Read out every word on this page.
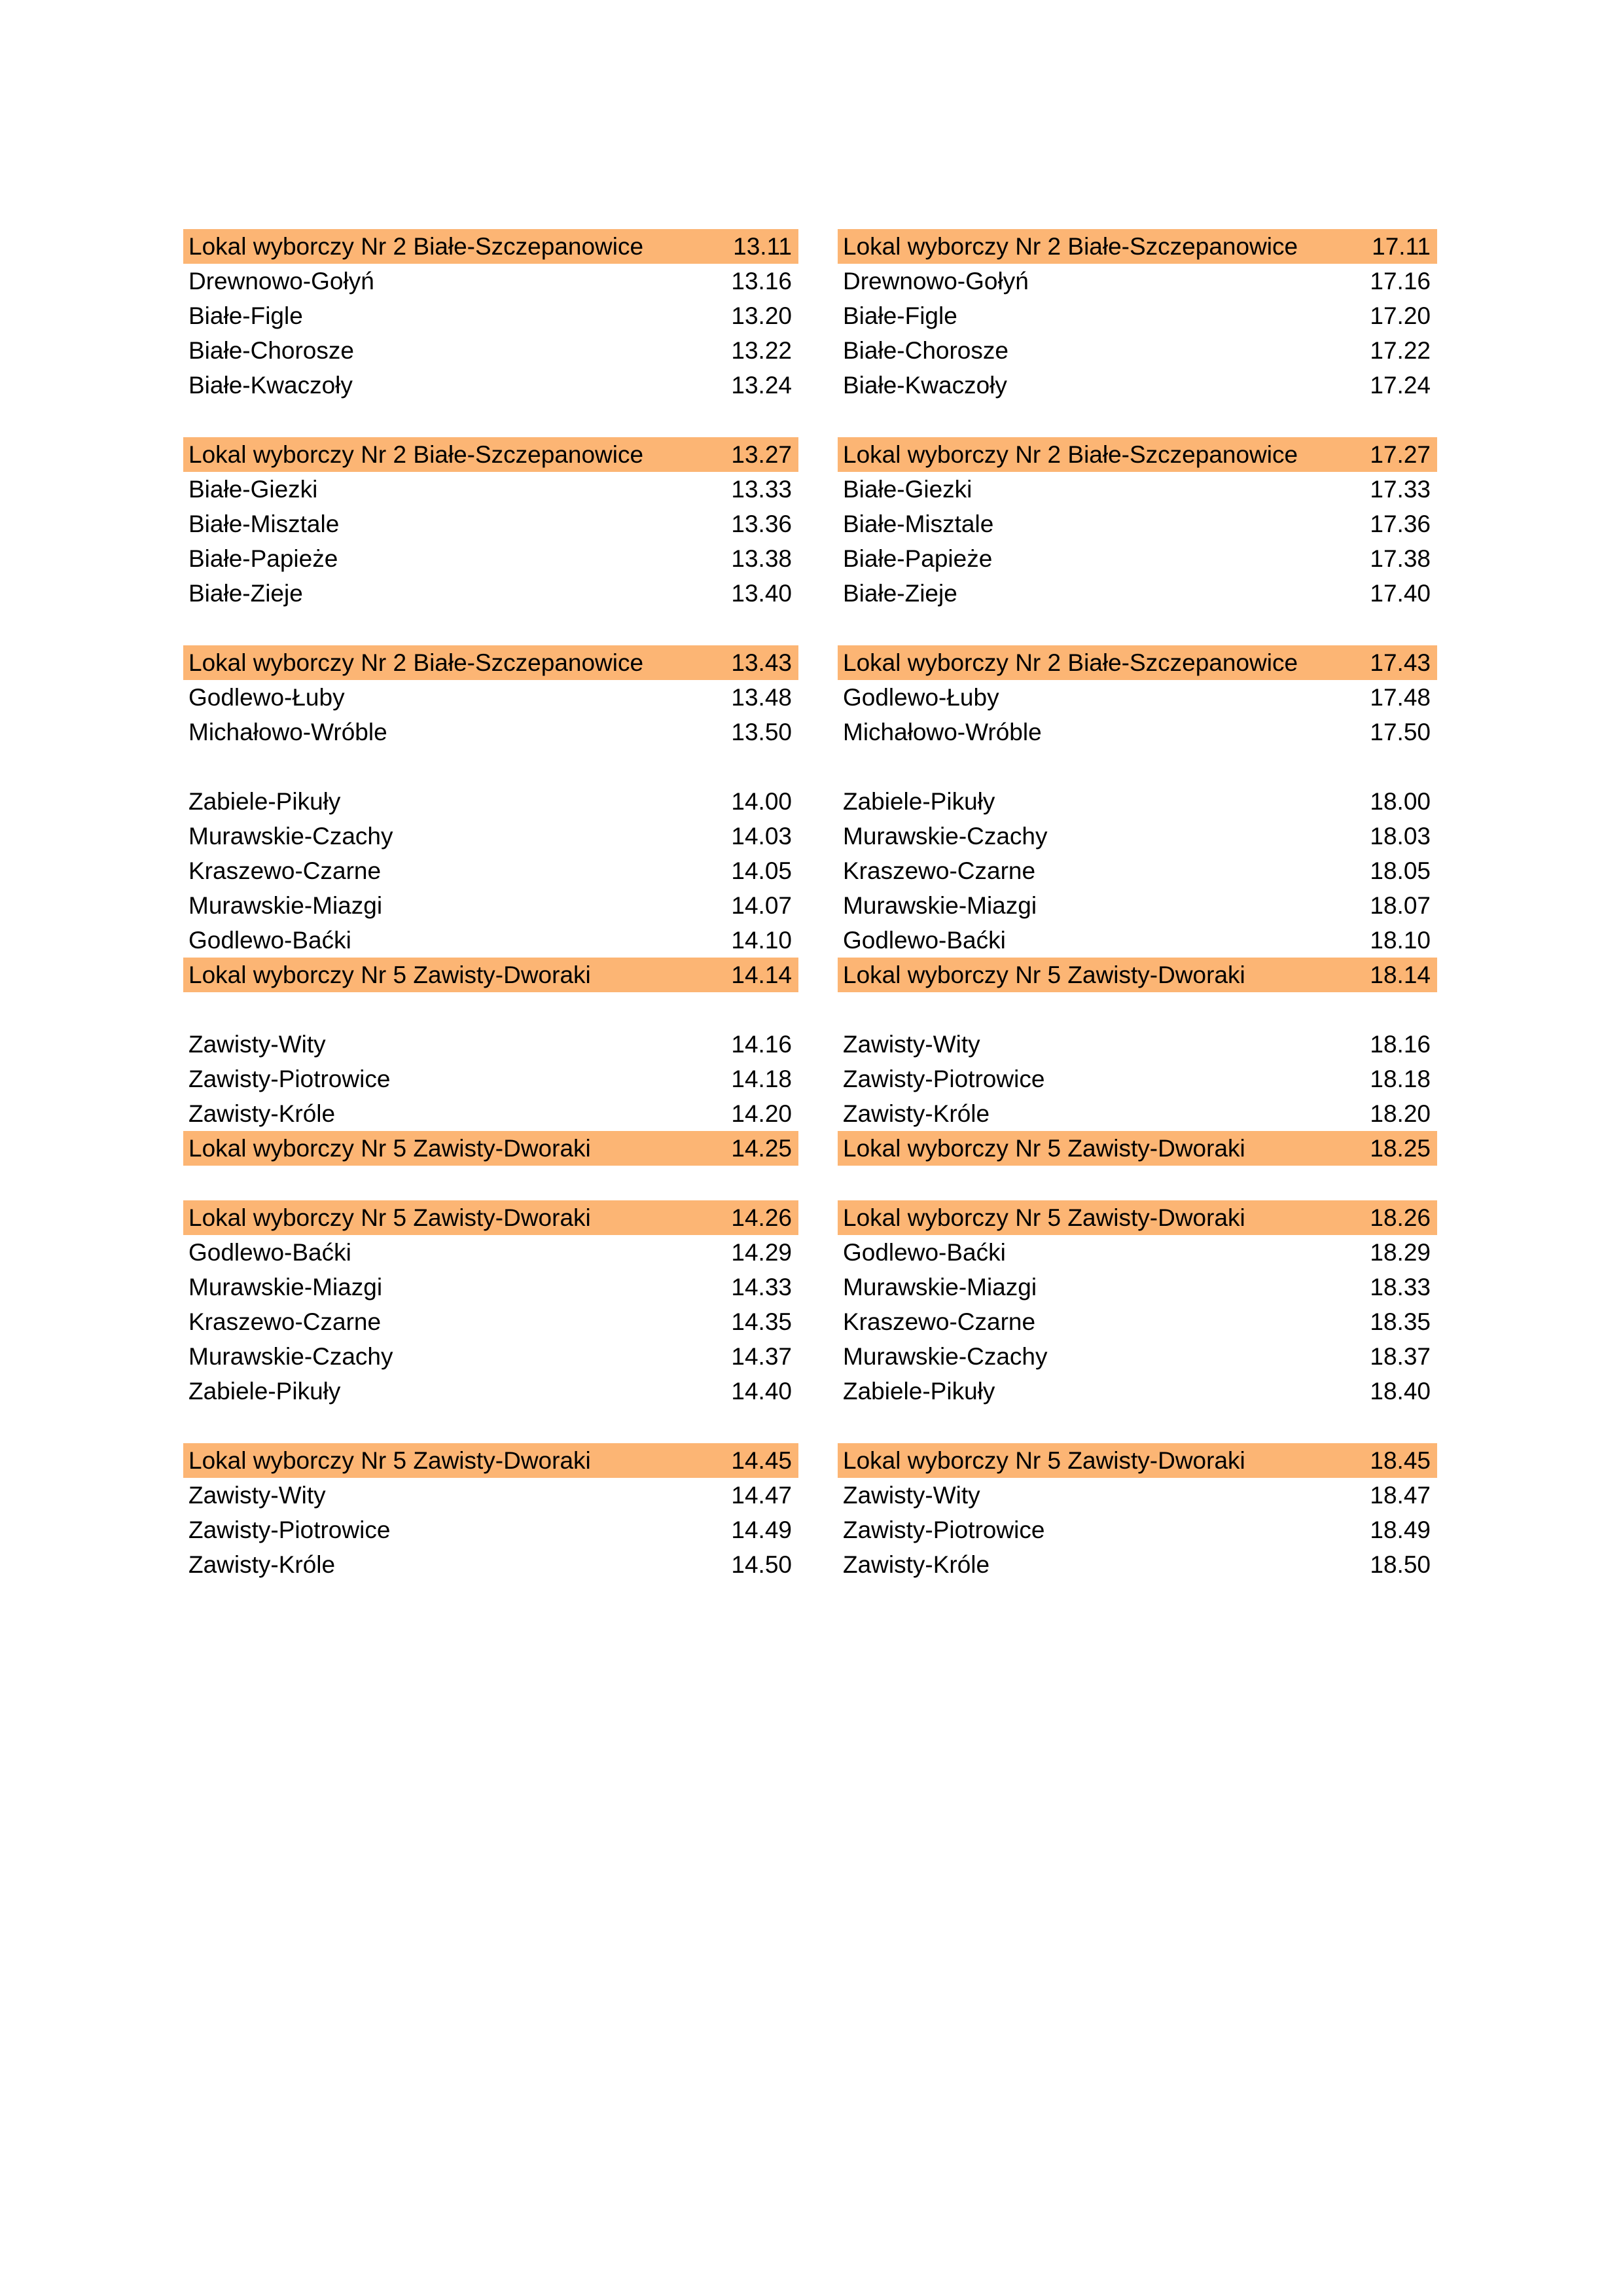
Lokal wyborczy Nr 2 Białe-Szczepanowice	13.11 Lokal wyborczy Nr 2 Białe-Szczepanowice	17.11
Drewnowo-Gołyń	13.16 Drewnowo-Gołyń	17.16
Białe-Figle	13.20 Białe-Figle	17.20
Białe-Chorosze	13.22 Białe-Chorosze	17.22
Białe-Kwaczoły	13.24 Białe-Kwaczoły	17.24
Lokal wyborczy Nr 2 Białe-Szczepanowice	13.27 Lokal wyborczy Nr 2 Białe-Szczepanowice	17.27
Białe-Giezki	13.33 Białe-Giezki	17.33
Białe-Misztale	13.36 Białe-Misztale	17.36
Białe-Papieże	13.38 Białe-Papieże	17.38
Białe-Zieje	13.40 Białe-Zieje	17.40
Lokal wyborczy Nr 2 Białe-Szczepanowice	13.43 Lokal wyborczy Nr 2 Białe-Szczepanowice	17.43
Godlewo-Łuby	13.48 Godlewo-Łuby	17.48
Michałowo-Wróble	13.50 Michałowo-Wróble	17.50
Zabiele-Pikuły	14.00 Zabiele-Pikuły	18.00
Murawskie-Czachy	14.03 Murawskie-Czachy	18.03
Kraszewo-Czarne	14.05 Kraszewo-Czarne	18.05
Murawskie-Miazgi	14.07 Murawskie-Miazgi	18.07
Godlewo-Baćki	14.10 Godlewo-Baćki	18.10
Lokal wyborczy Nr 5 Zawisty-Dworaki	14.14 Lokal wyborczy Nr 5 Zawisty-Dworaki	18.14
Zawisty-Wity	14.16 Zawisty-Wity	18.16
Zawisty-Piotrowice	14.18 Zawisty-Piotrowice	18.18
Zawisty-Króle	14.20 Zawisty-Króle	18.20
Lokal wyborczy Nr 5 Zawisty-Dworaki	14.25 Lokal wyborczy Nr 5 Zawisty-Dworaki	18.25
Lokal wyborczy Nr 5 Zawisty-Dworaki	14.26 Lokal wyborczy Nr 5 Zawisty-Dworaki	18.26
Godlewo-Baćki	14.29 Godlewo-Baćki	18.29
Murawskie-Miazgi	14.33 Murawskie-Miazgi	18.33
Kraszewo-Czarne	14.35 Kraszewo-Czarne	18.35
Murawskie-Czachy	14.37 Murawskie-Czachy	18.37
Zabiele-Pikuły	14.40 Zabiele-Pikuły	18.40
Lokal wyborczy Nr 5 Zawisty-Dworaki	14.45 Lokal wyborczy Nr 5 Zawisty-Dworaki	18.45
Zawisty-Wity	14.47 Zawisty-Wity	18.47
Zawisty-Piotrowice	14.49 Zawisty-Piotrowice	18.49
Zawisty-Króle	14.50 Zawisty-Króle	18.50
